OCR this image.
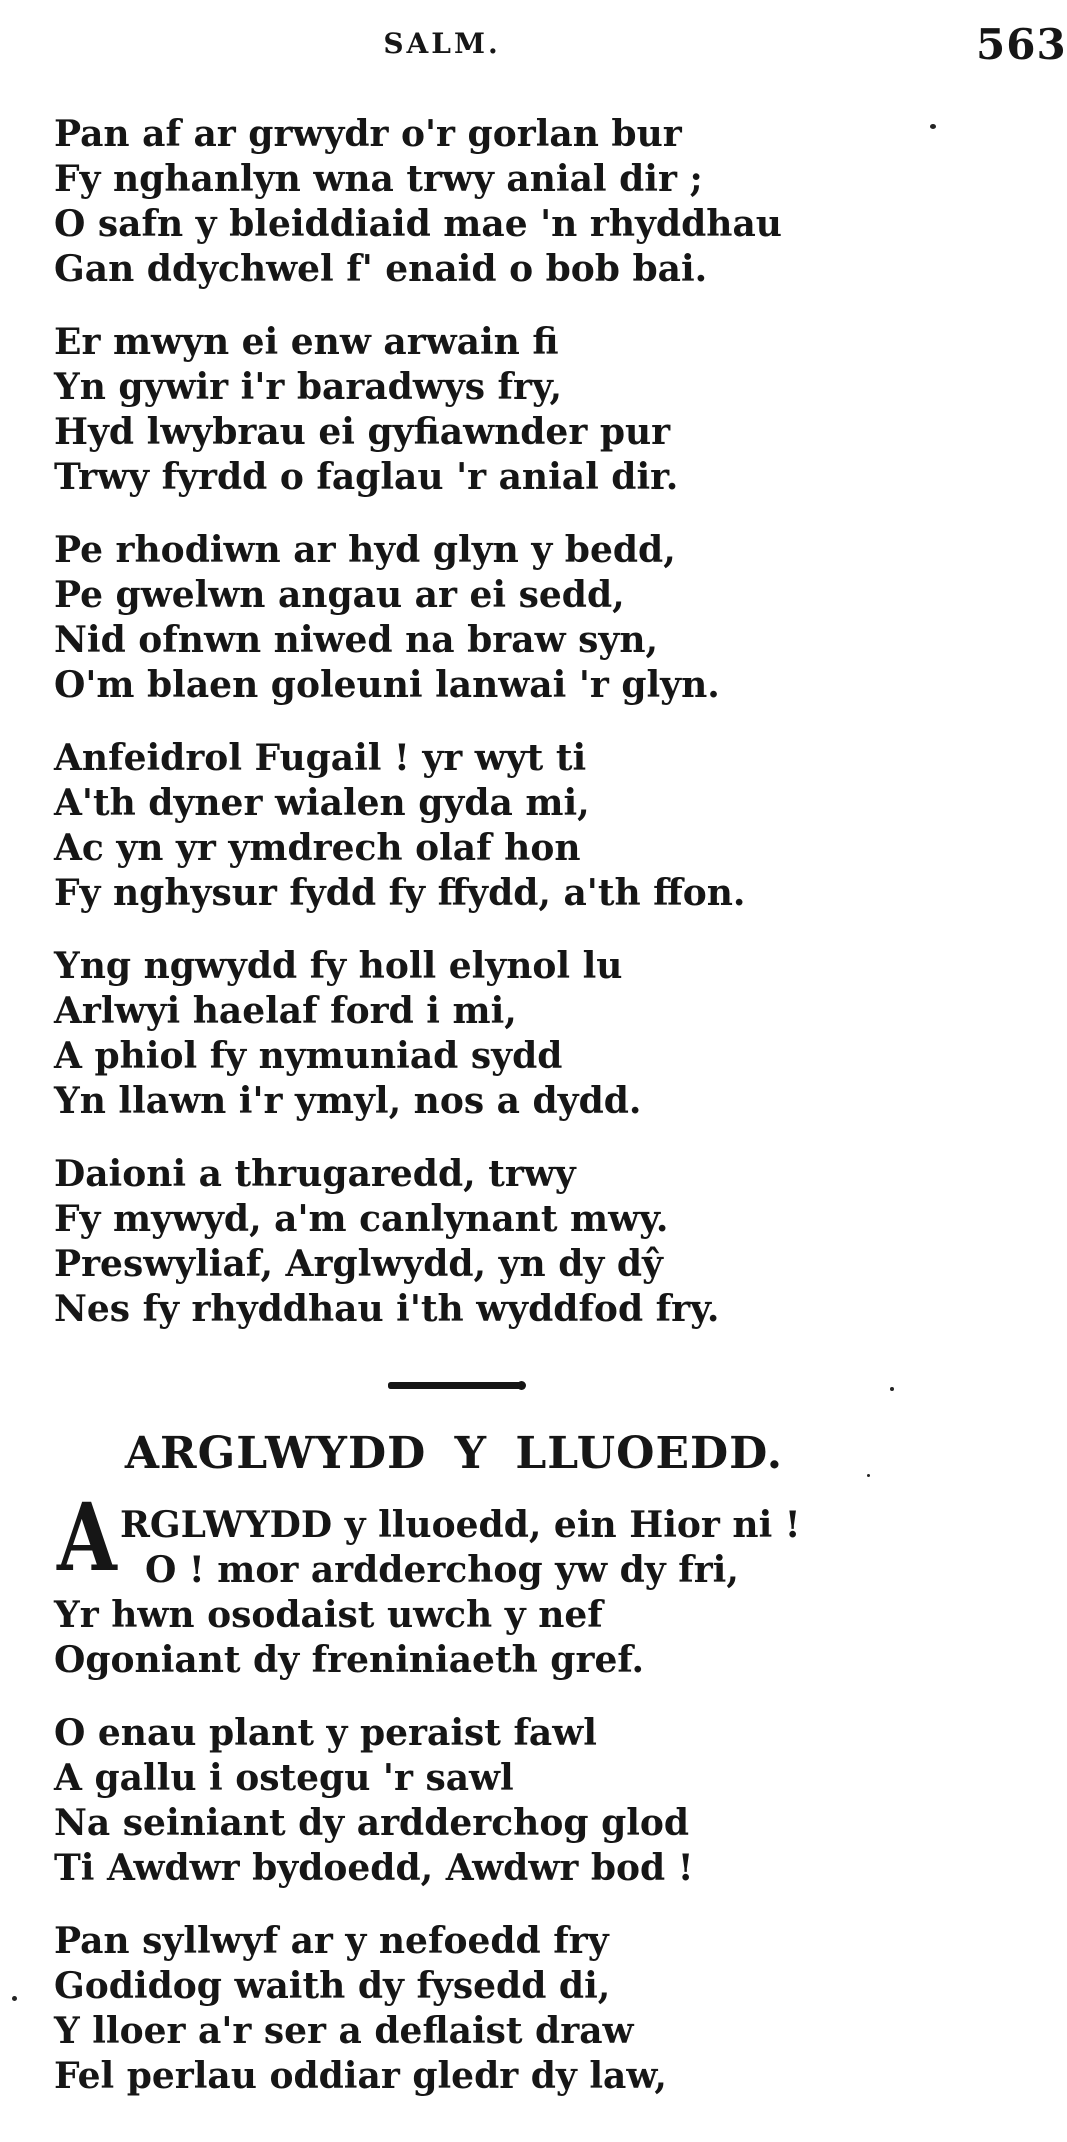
SALM.	563
Pan af ar grwydr o'r gorlan bur
Fy nghanlyn wna trwy anial dir ;
O safn y bleiddiaid mae 'n rhyddhau
Gan ddychwel f' enaid o bob bai.
Er mwyn ei enw arwain fi
Yn gywir i'r baradwys fry,
Hyd lwybrau ei gyfiawnder pur
Trwy fyrdd o faglau 'r anial dir.
Pe rhodiwn ar hyd glyn y bedd,
Pe gwelwn angau ar ei sedd,
Nid ofnwn niwed na braw syn,
O'm blaen goleuni lanwai 'r glyn.
Anfeidrol Fugail ! yr wyt ti
A'th dyner wialen gyda mi,
Ac yn yr ymdrech olaf hon
Fy nghysur fydd fy ffydd, a'th ffon.
Yng ngwydd fy holl elynol lu
Arlwyi haelaf ford i mi,
A phiol fy nymuniad sydd
Yn llawn i'r ymyl, nos a dydd.
Daioni a thrugaredd, trwy
Fy mywyd, a'm canlynant mwy.
Preswyliaf, Arglwydd, yn dy dŷ
Nes fy rhyddhau i'th wyddfod fry.
ARGLWYDD Y LLUOEDD.
RGLWYDD y lluoedd, ein Hior ni !
O ! mor ardderchog yw dy fri,
Yr hwn osodaist uwch y nef
Ogoniant dy freniniaeth gref.
O enau plant y peraist fawl
A gallu i ostegu 'r sawl
Na seiniant dy ardderchog glod
Ti Awdwr bydoedd, Awdwr bod !
Pan syllwyf ar y nefoedd fry
Godidog waith dy fysedd di,
Y lloer a'r ser a deflaist draw
Fel perlau oddiar gledr dy law,
A
